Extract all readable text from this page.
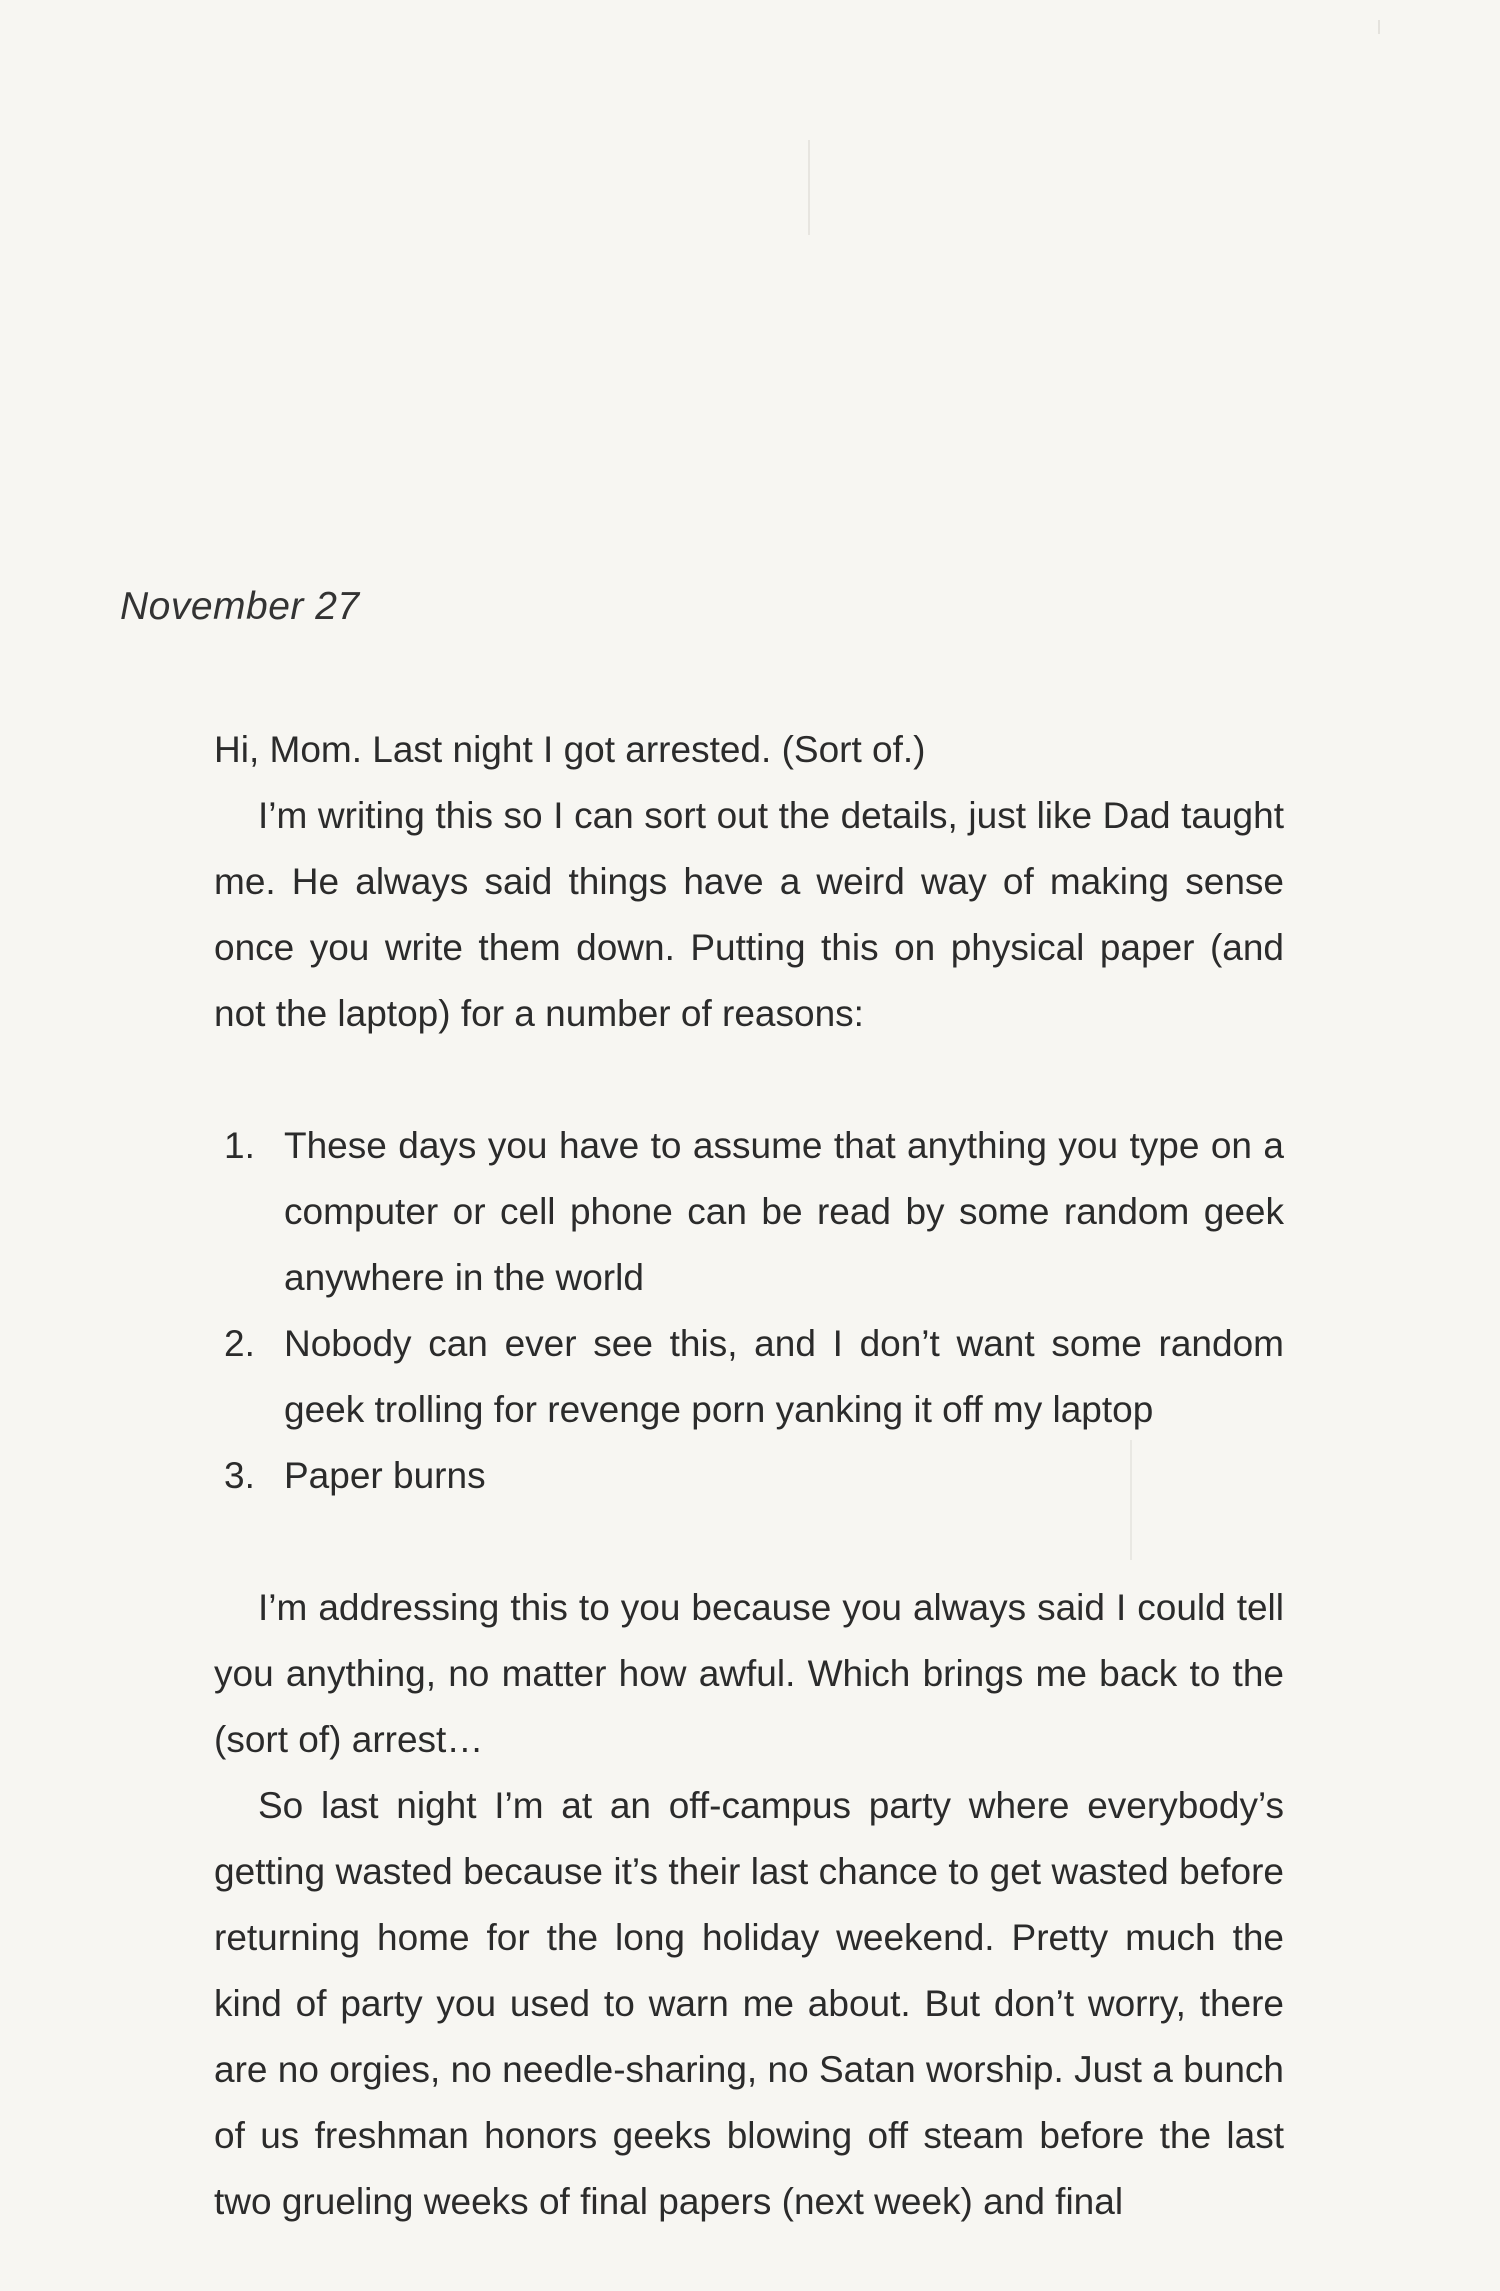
November 27

Hi, Mom. Last night I got arrested. (Sort of.)

I’m writing this so I can sort out the details, just like Dad taught me. He always said things have a weird way of making sense once you write them down. Putting this on physical paper (and not the laptop) for a number of reasons:

1. These days you have to assume that anything you type on a computer or cell phone can be read by some random geek anywhere in the world
2. Nobody can ever see this, and I don’t want some random geek trolling for revenge porn yanking it off my laptop
3. Paper burns

I’m addressing this to you because you always said I could tell you anything, no matter how awful. Which brings me back to the (sort of) arrest…

So last night I’m at an off-campus party where everybody’s getting wasted because it’s their last chance to get wasted before returning home for the long holiday weekend. Pretty much the kind of party you used to warn me about. But don’t worry, there are no orgies, no needle-sharing, no Satan worship. Just a bunch of us freshman honors geeks blowing off steam before the last two grueling weeks of final papers (next week) and final
